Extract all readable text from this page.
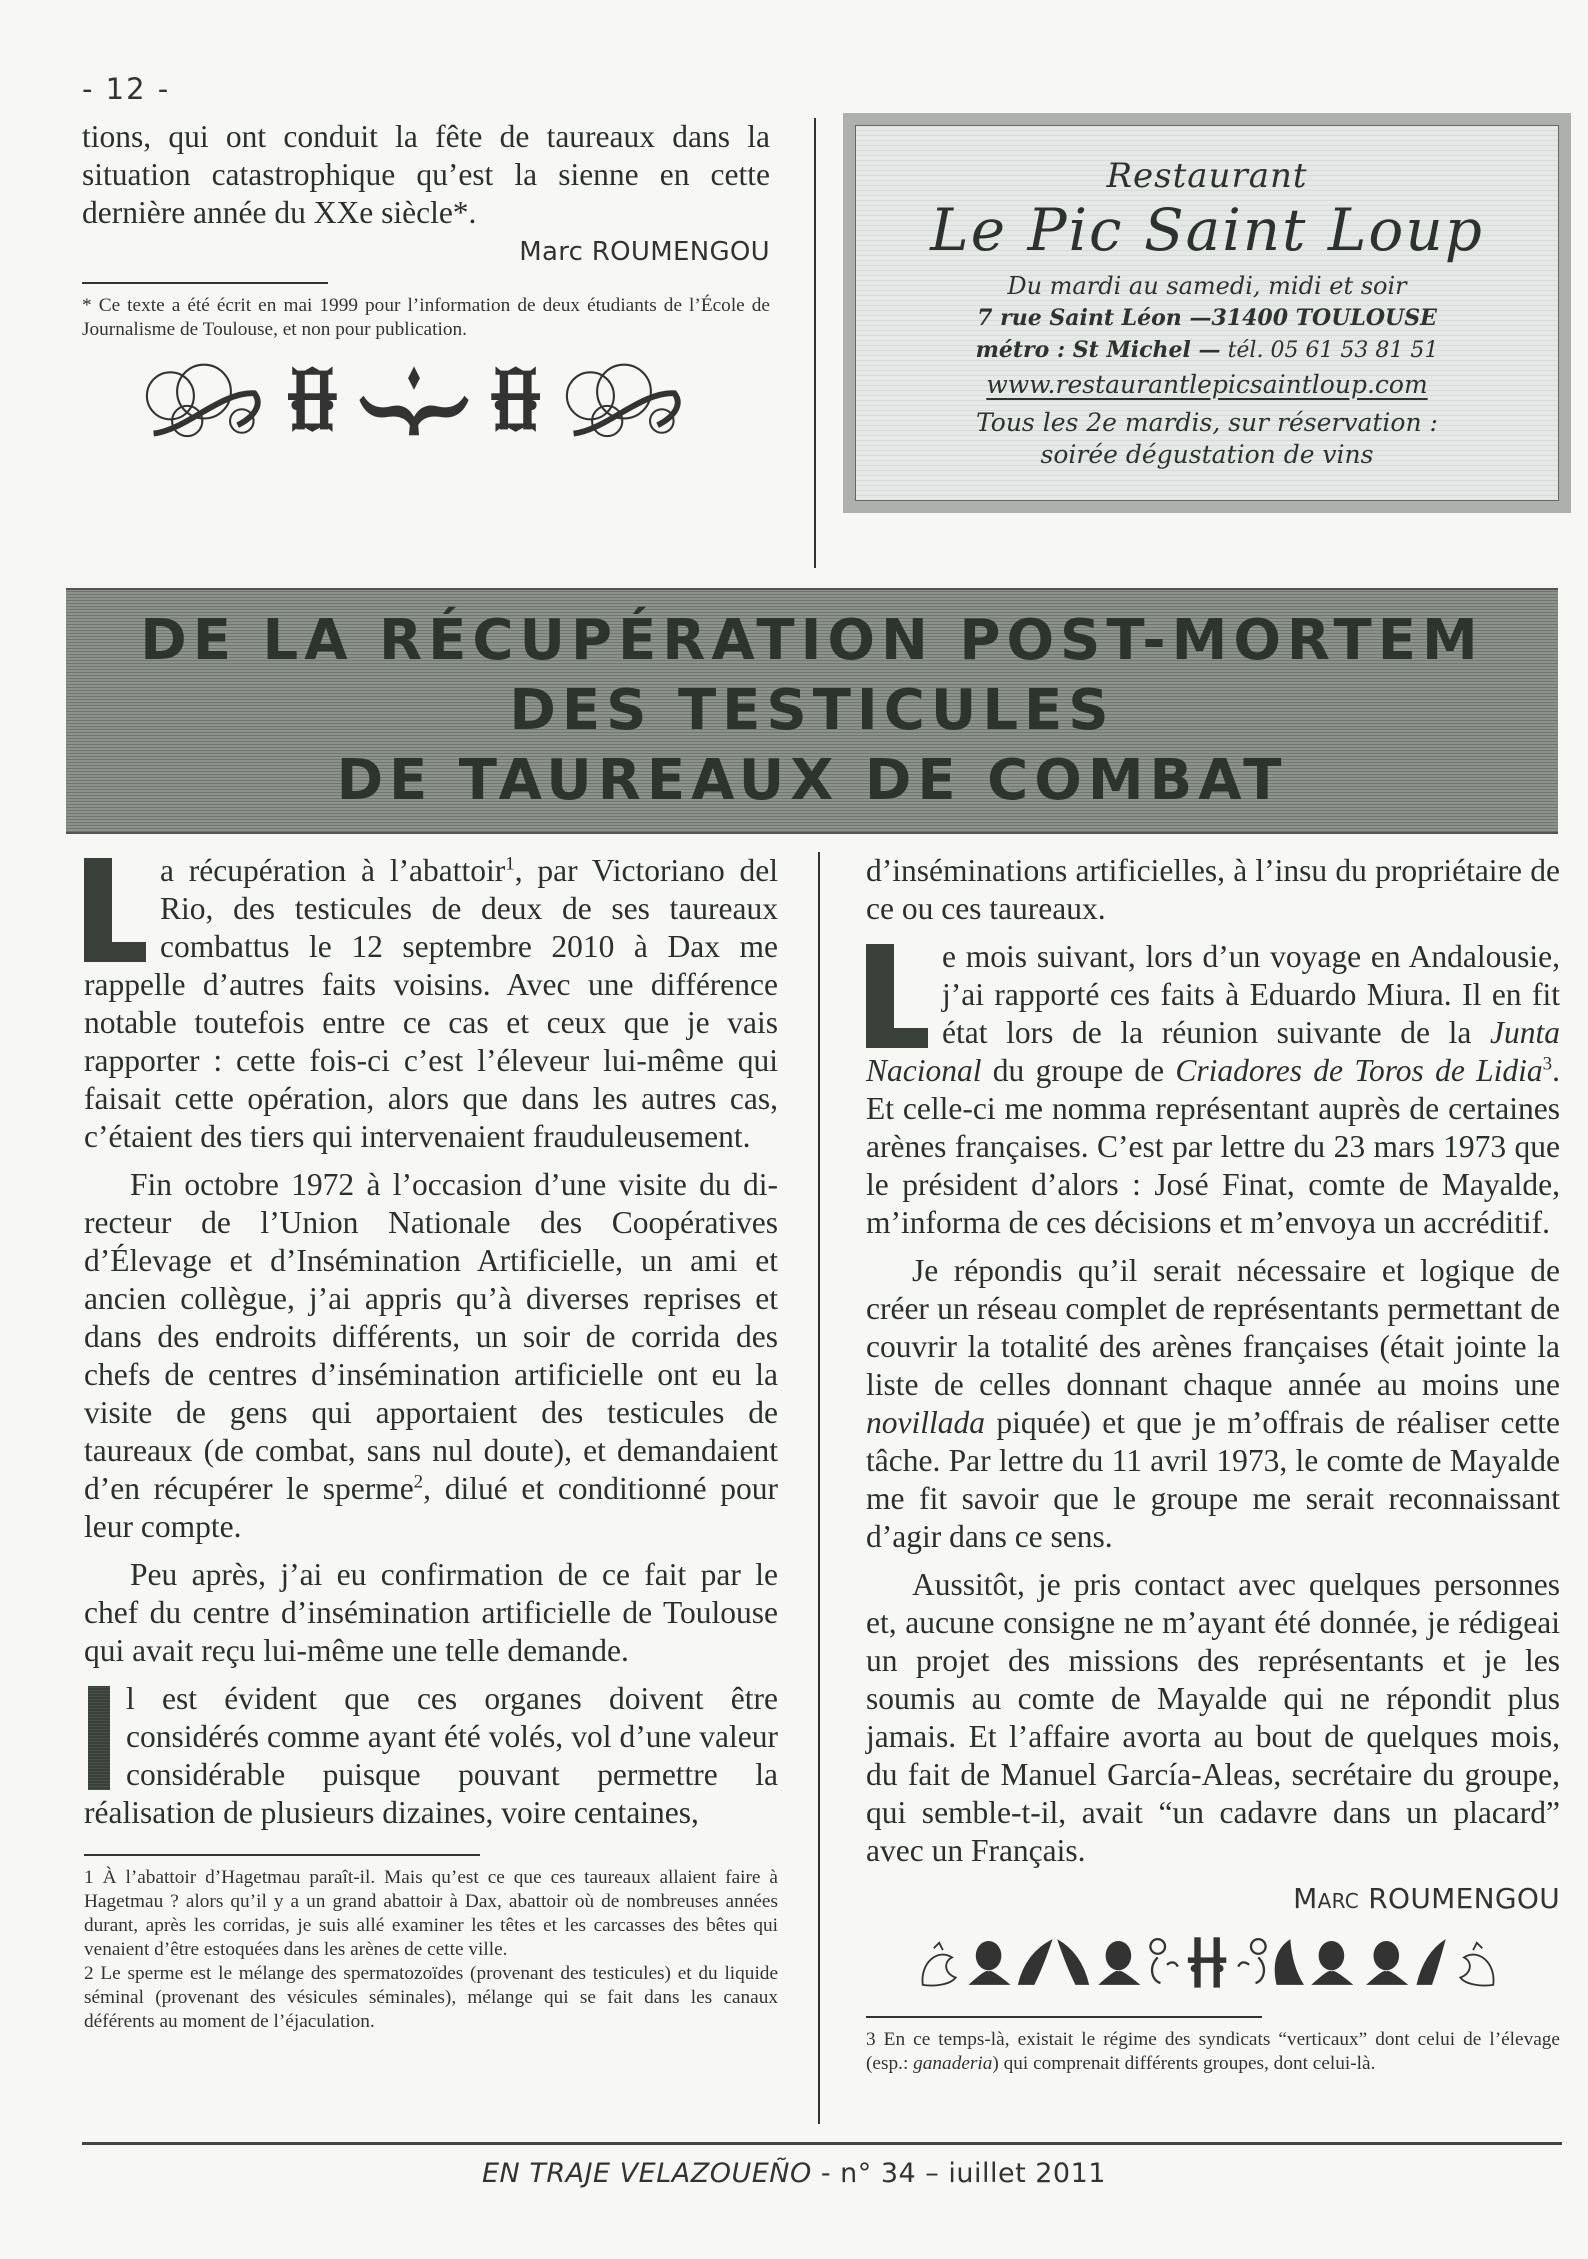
- 12 -

tions, qui ont conduit la fête de taureaux dans la situation catastrophique qu’est la sienne en cette dernière année du XXe siècle*.

Marc ROUMENGOU

* Ce texte a été écrit en mai 1999 pour l’information de deux étudiants de l’École de Journalisme de Toulouse, et non pour publication.

Restaurant
Le Pic Saint Loup
Du mardi au samedi, midi et soir
7 rue Saint Léon —31400 TOULOUSE
métro : St Michel — tél. 05 61 53 81 51
www.restaurantlepicsaintloup.com
Tous les 2e mardis, sur réservation :
soirée dégustation de vins
DE LA RÉCUPÉRATION POST-MORTEM
DES TESTICULES
DE TAUREAUX DE COMBAT

a récupération à l’abattoir$^1$, par Victoriano del Rio, des testicules de deux de ses taureaux combattus le 12 septembre 2010 à Dax me rappelle d’autres faits voisins. Avec une différence notable toutefois entre ce cas et ceux que je vais rapporter : cette fois-ci c’est l’éleveur lui-même qui faisait cette opération, alors que dans les autres cas, c’étaient des tiers qui intervenaient frauduleusement.

Fin octobre 1972 à l’occasion d’une visite du directeur de l’Union Nationale des Coopératives d’Élevage et d’Insémination Artificielle, un ami et ancien collègue, j’ai appris qu’à diverses reprises et dans des endroits différents, un soir de corrida des chefs de centres d’insémination artificielle ont eu la visite de gens qui apportaient des testicules de taureaux (de combat, sans nul doute), et demandaient d’en récupérer le sperme$^2$, dilué et conditionné pour leur compte.

Peu après, j’ai eu confirmation de ce fait par le chef du centre d’insémination artificielle de Toulouse qui avait reçu lui-même une telle demande.

l est évident que ces organes doivent être considérés comme ayant été volés, vol d’une valeur considérable puisque pouvant permettre la réalisation de plusieurs dizaines, voire centaines,

1 À l’abattoir d’Hagetmau paraît-il. Mais qu’est ce que ces taureaux allaient faire à Hagetmau ? alors qu’il y a un grand abattoir à Dax, abattoir où de nombreuses années durant, après les corridas, je suis allé examiner les têtes et les carcasses des bêtes qui venaient d’être estoquées dans les arènes de cette ville.

2 Le sperme est le mélange des spermatozoïdes (provenant des testicules) et du liquide séminal (provenant des vésicules séminales), mélange qui se fait dans les canaux déférents au moment de l’éjaculation.

d’inséminations artificielles, à l’insu du propriétaire de ce ou ces taureaux.

e mois suivant, lors d’un voyage en Andalousie, j’ai rapporté ces faits à Eduardo Miura. Il en fit état lors de la réunion suivante de la Junta Nacional du groupe de Criadores de Toros de Lidia$^3$. Et celle-ci me nomma représentant auprès de certaines arènes françaises. C’est par lettre du 23 mars 1973 que le président d’alors : José Finat, comte de Mayalde, m’informa de ces décisions et m’envoya un accréditif.

Je répondis qu’il serait nécessaire et logique de créer un réseau complet de représentants permettant de couvrir la totalité des arènes françaises (était jointe la liste de celles donnant chaque année au moins une novillada piquée) et que je m’offrais de réaliser cette tâche. Par lettre du 11 avril 1973, le comte de Mayalde me fit savoir que le groupe me serait reconnaissant d’agir dans ce sens.

Aussitôt, je pris contact avec quelques personnes et, aucune consigne ne m’ayant été donnée, je rédigeai un projet des missions des représentants et je les soumis au comte de Mayalde qui ne répondit plus jamais. Et l’affaire avorta au bout de quelques mois, du fait de Manuel García-Aleas, secrétaire du groupe, qui semble-t-il, avait “un cadavre dans un placard” avec un Français.

Marc ROUMENGOU

3 En ce temps-là, existait le régime des syndicats “verticaux” dont celui de l’élevage (esp.: ganaderia) qui comprenait différents groupes, dont celui-là.

EN TRAJE VELAZOUEÑO - n° 34 – iuillet 2011
